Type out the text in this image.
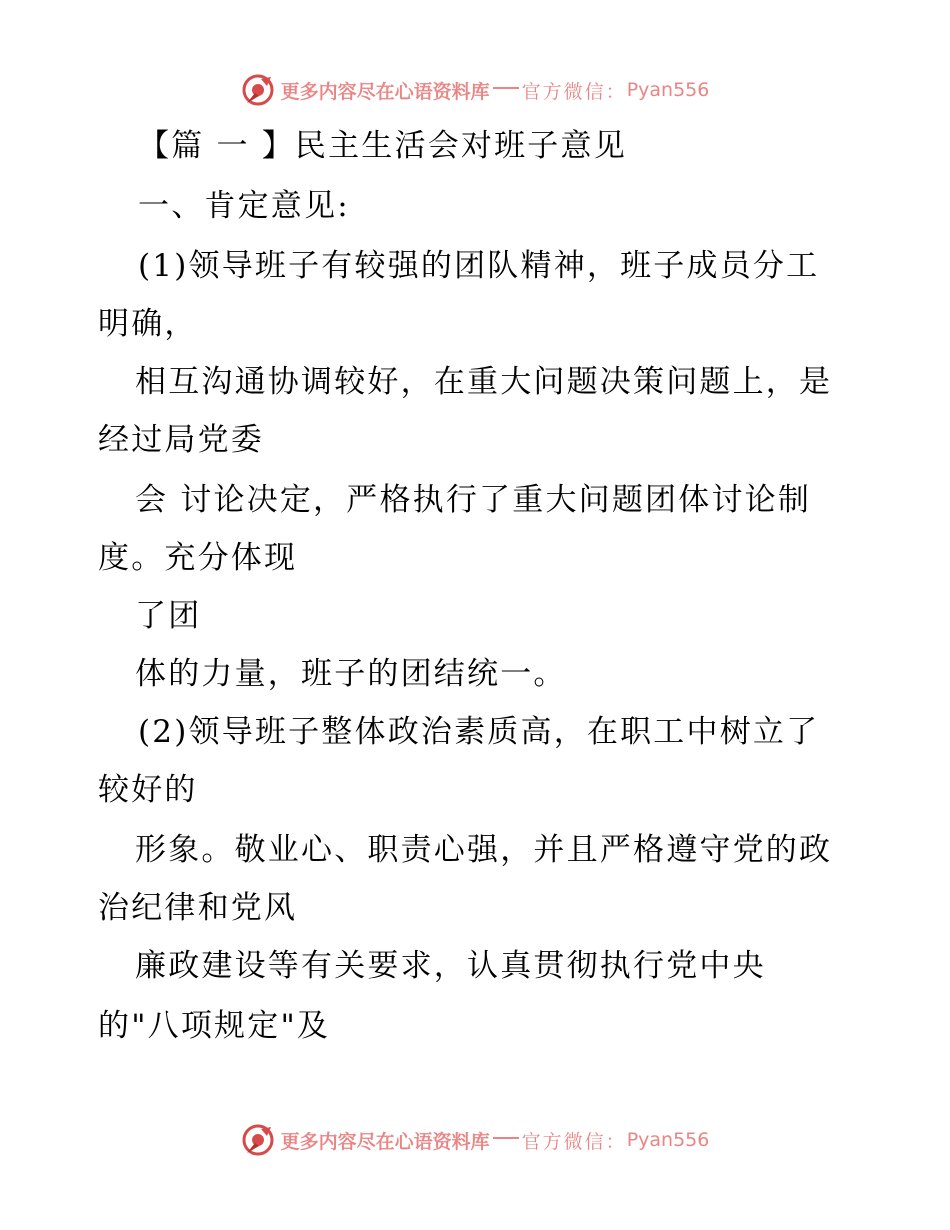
更多内容尽在心语资料库 官方微信： Pyan556
【篇 一 】民主生活会对班子意见
一、肯定意见:
(1)领导班子有较强的团队精神，班子成员分工
明确，
相互沟通协调较好，在重大问题决策问题上，是
经过局党委
会 讨论决定，严格执行了重大问题团体讨论制
度。充分体现
了团
体的力量，班子的团结统一。
(2)领导班子整体政治素质高，在职工中树立了
较好的
形象。敬业心、职责心强，并且严格遵守党的政
治纪律和党风
廉政建设等有关要求，认真贯彻执行党中央
的"八项规定"及
更多内容尽在心语资料库 官方微信： Pyan556
